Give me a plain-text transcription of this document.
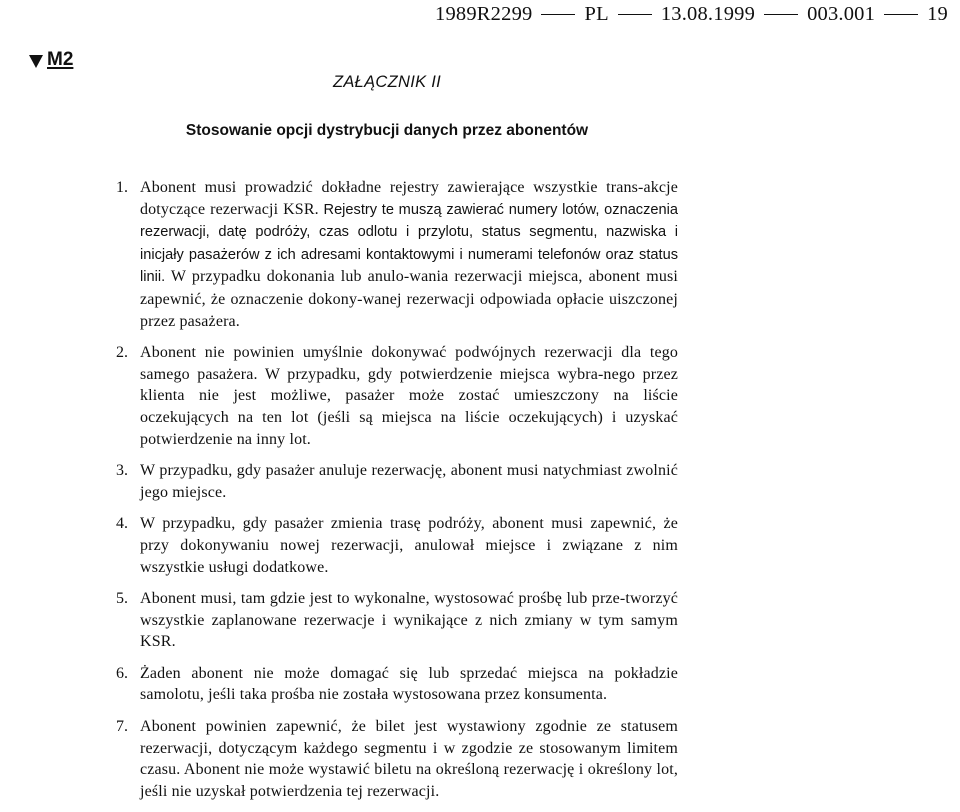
1989R2299	PL	13.08.1999	003.001	19
M2
ZAŁĄCZNIK II
Stosowanie opcji dystrybucji danych przez abonentów
1. Abonent musi prowadzić dokładne rejestry zawierające wszystkie trans-akcje dotyczące rezerwacji KSR. Rejestry te muszą zawierać numery lotów, oznaczenia rezerwacji, datę podróży, czas odlotu i przylotu, status segmentu, nazwiska i inicjały pasażerów z ich adresami kontaktowymi i numerami telefonów oraz status linii. W przypadku dokonania lub anulo-wania rezerwacji miejsca, abonent musi zapewnić, że oznaczenie dokony-wanej rezerwacji odpowiada opłacie uiszczonej przez pasażera.
2. Abonent nie powinien umyślnie dokonywać podwójnych rezerwacji dla tego samego pasażera. W przypadku, gdy potwierdzenie miejsca wybra-nego przez klienta nie jest możliwe, pasażer może zostać umieszczony na liście oczekujących na ten lot (jeśli są miejsca na liście oczekujących) i uzyskać potwierdzenie na inny lot.
3. W przypadku, gdy pasażer anuluje rezerwację, abonent musi natychmiast zwolnić jego miejsce.
4. W przypadku, gdy pasażer zmienia trasę podróży, abonent musi zapewnić, że przy dokonywaniu nowej rezerwacji, anulował miejsce i związane z nim wszystkie usługi dodatkowe.
5. Abonent musi, tam gdzie jest to wykonalne, wystosować prośbę lub prze-tworzyć wszystkie zaplanowane rezerwacje i wynikające z nich zmiany w tym samym KSR.
6. Żaden abonent nie może domagać się lub sprzedać miejsca na pokładzie samolotu, jeśli taka prośba nie została wystosowana przez konsumenta.
7. Abonent powinien zapewnić, że bilet jest wystawiony zgodnie ze statusem rezerwacji, dotyczącym każdego segmentu i w zgodzie ze stosowanym limitem czasu. Abonent nie może wystawić biletu na określoną rezerwację i określony lot, jeśli nie uzyskał potwierdzenia tej rezerwacji.
